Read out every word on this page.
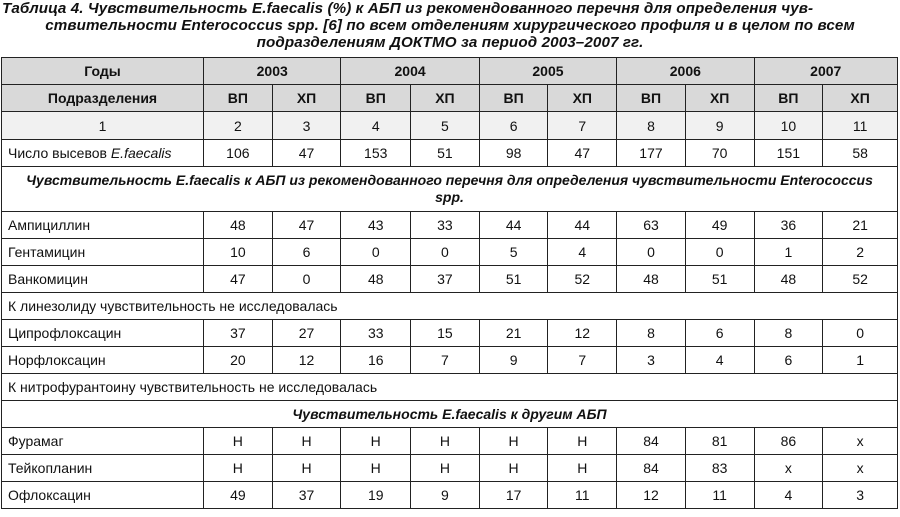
Таблица 4. Чувствительность E.faecalis (%) к АБП из рекомендованного перечня для определения чув-
ствительности Enterococcus spp. [6] по всем отделениям хирургического профиля и в целом по всем
подразделениям ДОКТМО за период 2003–2007 гг.
Годы	2003		2004		2005		2006		2007	
Подразделения	ВП	ХП	ВП	ХП	ВП	ХП	ВП	ХП	ВП	ХП
1	2	3	4	5	6	7	8	9	10	11
Число высевов E.faecalis	106	47	153	51	98	47	177	70	151	58
Чувствительность E.faecalis к АБП из рекомендованного перечня для определения чувствительности Enterococcus spp.										
Ампициллин	48	47	43	33	44	44	63	49	36	21
Гентамицин	10	6	0	0	5	4	0	0	1	2
Ванкомицин	47	0	48	37	51	52	48	51	48	52
К линезолиду чувствительность не исследовалась										
Ципрофлоксацин	37	27	33	15	21	12	8	6	8	0
Норфлоксацин	20	12	16	7	9	7	3	4	6	1
К нитрофурантоину чувствительность не исследовалась										
Чувствительность E.faecalis к другим АБП										
Фурамаг	Н	Н	Н	Н	Н	Н	84	81	86	х
Тейкопланин	Н	Н	Н	Н	Н	Н	84	83	х	х
Офлоксацин	49	37	19	9	17	11	12	11	4	3
